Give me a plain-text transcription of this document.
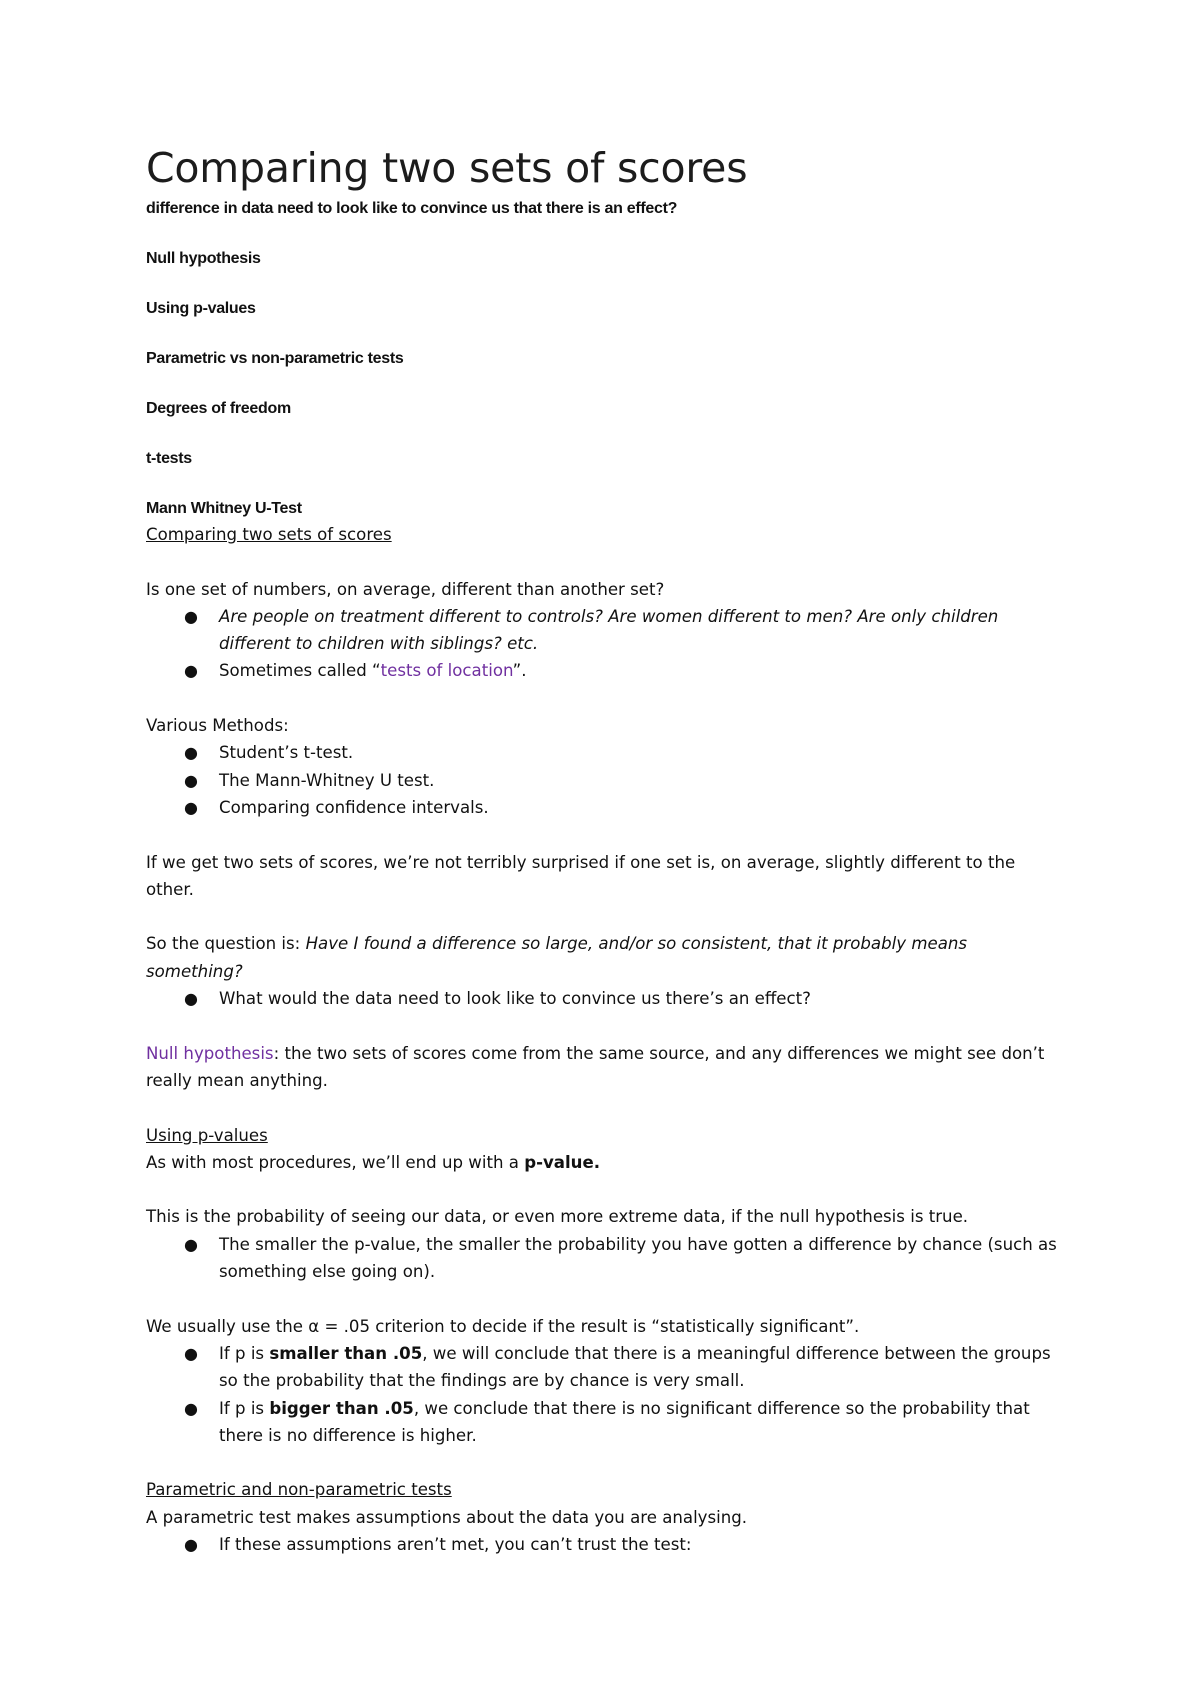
Comparing two sets of scores

difference in data need to look like to convince us that there is an effect?

Null hypothesis

Using p-values

Parametric vs non-parametric tests

Degrees of freedom

t-tests

Mann Whitney U-Test

Comparing two sets of scores

Is one set of numbers, on average, different than another set?

● Are people on treatment different to controls? Are women different to men? Are only children different to children with siblings? etc.
● Sometimes called “tests of location”.

Various Methods:

● Student’s t-test.
● The Mann-Whitney U test.
● Comparing confidence intervals.

If we get two sets of scores, we’re not terribly surprised if one set is, on average, slightly different to the other.

So the question is: Have I found a difference so large, and/or so consistent, that it probably means something?

● What would the data need to look like to convince us there’s an effect?

Null hypothesis: the two sets of scores come from the same source, and any differences we might see don’t really mean anything.

Using p-values

As with most procedures, we’ll end up with a p-value.

This is the probability of seeing our data, or even more extreme data, if the null hypothesis is true.

● The smaller the p-value, the smaller the probability you have gotten a difference by chance (such as something else going on).

We usually use the α = .05 criterion to decide if the result is “statistically significant”.

● If p is smaller than .05, we will conclude that there is a meaningful difference between the groups so the probability that the findings are by chance is very small.
● If p is bigger than .05, we conclude that there is no significant difference so the probability that there is no difference is higher.

Parametric and non-parametric tests

A parametric test makes assumptions about the data you are analysing.

● If these assumptions aren’t met, you can’t trust the test:
